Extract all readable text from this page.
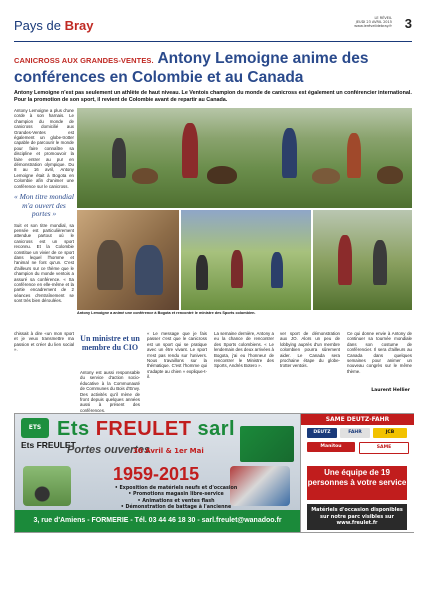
Pays de Bray	LE RÉVEIL
JEUDI 23 AVRIL 2015
www.leréveildebray.fr 3
CANICROSS AUX GRANDES-VENTES. Antony Lemoigne anime des conférences en Colombie et au Canada
Antony Lemoigne n'est pas seulement un athlète de haut niveau. Le Ventois champion du monde de canicross est également un conférencier international. Pour la promotion de son sport, il revient de Colombie avant de repartir au Canada.
Antony Lemoigne a plus d'une corde à son harnais. Le champion du monde de canicross domicilié aux Grandes-Ventes est également un globe-trotter capable de parcourir le monde pour faire connaître sa discipline et promouvoir la faire entrer au pur en démonstration olympique. Du 8 au 16 avril, Antony Lemoigne était à Bogota en Colombie afin d'animer une conférence sur le canicross.
« Mon titre mondial m'a ouvert des portes »
Suit et son titre mondial, sa pensée est particulièrement attendue partout où le canicross est un sport reconnu. Et la Colombie constitue un vivier de ce sport dans lequel l'homme et l'animal ne font qu'un. C'est d'ailleurs sur ce thème que le champion du monde ventois a assuré sa conférence. « Sa conférence en elle-même et la partie encadrement de 2 séances d'entraînement se sont très bien déroulées.
Antony Lemoigne a animé une conférence à Bogota et rencontré le ministre des Sports colombien.
chissait à dire «un mon sport et je veux transmettre ma passion et créer du lien social ».
Un ministre et un membre du CIO
Antony est aussi responsable du service d'action socio-éducative à la Communauté de Communes du Bois d'Envy. Des activités qu'il mène de front depuis quelques années aussi à présent des conférences.
« Le message que je fais passer c'est que le canicross est un sport qui se pratique avec un être vivant. Le sport n'est pas rendu sur l'univers. Nous travaillons sur la thématique. C'est l'homme qui s'adapte au chien » explique-t-il.
La semaine dernière, Antony a eu la chance de rencontrer des Sports colombiens. « Le lendemain des deux arrivées à Bogota, j'ai eu l'honneur de rencontrer le Ministre des Sports, Andrés Botero ».
ver sport de démonstration aux JO. Alors un peu de lobbying auprès d'un membre colombien pourra sûrement aider. Le Canada sera prochaine étape du globe-trotter ventois.
Ce qui donne envie à Antony de continuer sa tournée mondiale dans son costume de conférencier. Il sera d'ailleurs au Canada dans quelques semaines pour animer un nouveau congrès sur le même thème.
Laurent Hellier
ETS
Ets FREULET
Ets FREULET sarl
Portes ouvertes
30 Avril & 1er Mai
1959-2015
• Exposition de matériels neufs et d'occasion
• Promotions magasin libre-service
• Animations et ventes flash
• Démonstration de battage à l'ancienne
3, rue d'Amiens - FORMERIE - Tél. 03 44 46 18 30 - sarl.freulet@wanadoo.fr
SAME DEUTZ-FAHR
DEUTZ	FAHR	JCB
Manitou	SAME
Une équipe de 19 personnes à votre service
Matériels d'occasion disponibles sur notre parc visibles sur www.freulet.fr
